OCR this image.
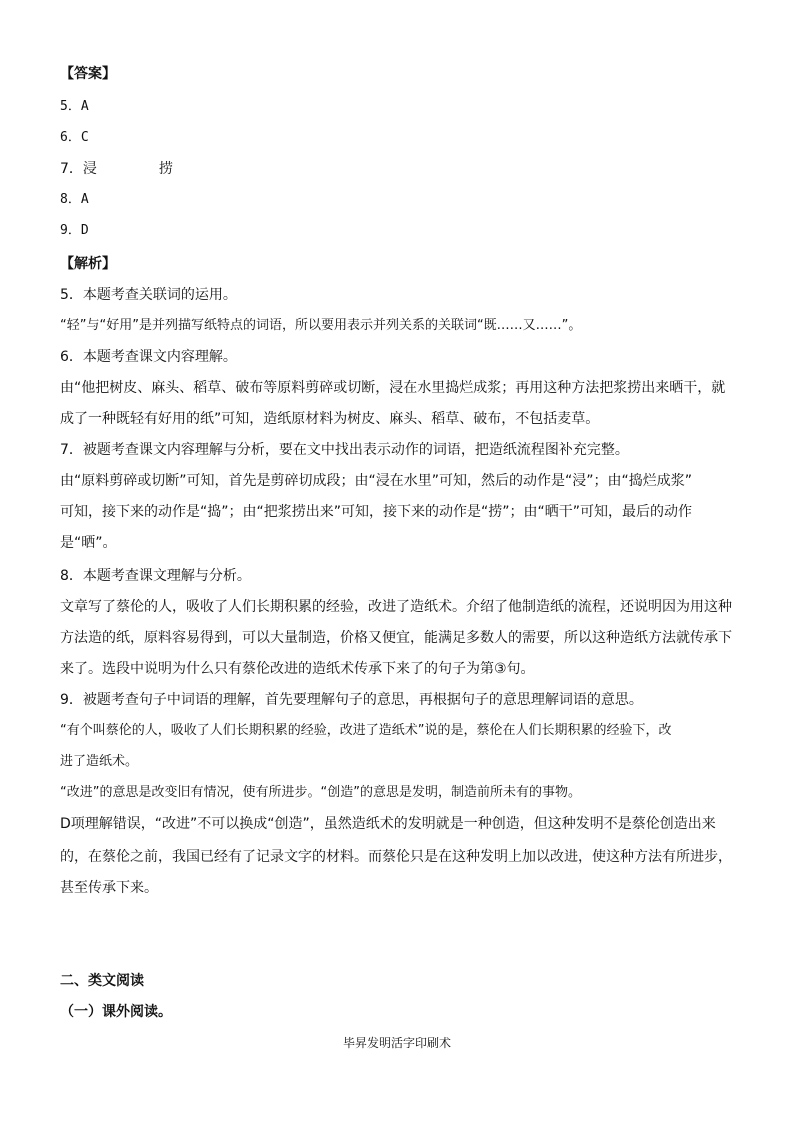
【答案】
5．A
6．C
7．浸	捞
8．A
9．D
【解析】
5．本题考查关联词的运用。
“轻”与“好用”是并列描写纸特点的词语，所以要用表示并列关系的关联词“既……又……”。
6．本题考查课文内容理解。
由“他把树皮、麻头、稻草、破布等原料剪碎或切断，浸在水里捣烂成浆；再用这种方法把浆捞出来晒干，就
成了一种既轻有好用的纸”可知，造纸原材料为树皮、麻头、稻草、破布，不包括麦草。
7．被题考查课文内容理解与分析，要在文中找出表示动作的词语，把造纸流程图补充完整。
由“原料剪碎或切断”可知，首先是剪碎切成段；由“浸在水里”可知，然后的动作是“浸”；由“捣烂成浆”
可知，接下来的动作是“捣”；由“把浆捞出来”可知，接下来的动作是“捞”；由“晒干”可知，最后的动作
是“晒”。
8．本题考查课文理解与分析。
文章写了蔡伦的人，吸收了人们长期积累的经验，改进了造纸术。介绍了他制造纸的流程，还说明因为用这种
方法造的纸，原料容易得到，可以大量制造，价格又便宜，能满足多数人的需要，所以这种造纸方法就传承下
来了。选段中说明为什么只有蔡伦改进的造纸术传承下来了的句子为第③句。
9．被题考查句子中词语的理解，首先要理解句子的意思，再根据句子的意思理解词语的意思。
“有个叫蔡伦的人，吸收了人们长期积累的经验，改进了造纸术”说的是，蔡伦在人们长期积累的经验下，改
进了造纸术。
“改进”的意思是改变旧有情况，使有所进步。“创造”的意思是发明，制造前所未有的事物。
D项理解错误，“改进”不可以换成“创造”，虽然造纸术的发明就是一种创造，但这种发明不是蔡伦创造出来
的，在蔡伦之前，我国已经有了记录文字的材料。而蔡伦只是在这种发明上加以改进，使这种方法有所进步，
甚至传承下来。
二、类文阅读
（一）课外阅读。
毕昇发明活字印刷术
